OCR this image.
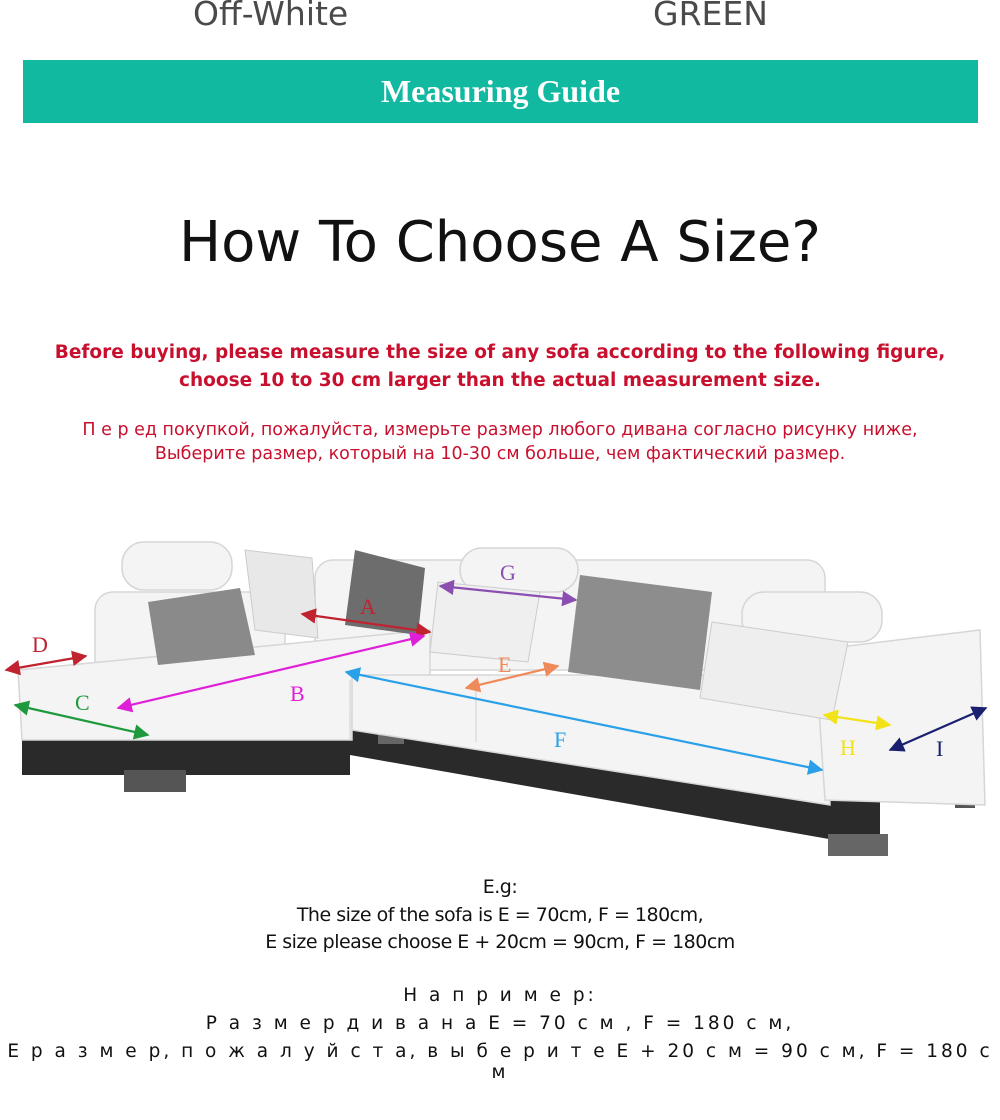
Off-White	GREEN
Measuring Guide
How To Choose A Size?
Before buying, please measure the size of any sofa according to the following figure,
choose 10 to 30 cm larger than the actual measurement size.
П е р ед покупкой, пожалуйста, измерьте размер любого дивана согласно рисунку ниже,
Выберите размер, который на 10-30 см больше, чем фактический размер.
A
B
C
D
E
F
G
H	I
E.g:
The size of the sofa is E = 70cm, F = 180cm,
E size please choose E + 20cm = 90cm, F = 180cm
Н а п р и м е р:
Р а з м е р д и в а н а E = 70 с м , F = 180 с м,
Е р а з м е р, п о ж а л у й с т а, в ы б е р и т е E + 20 с м = 90 с м, F = 180 с м
